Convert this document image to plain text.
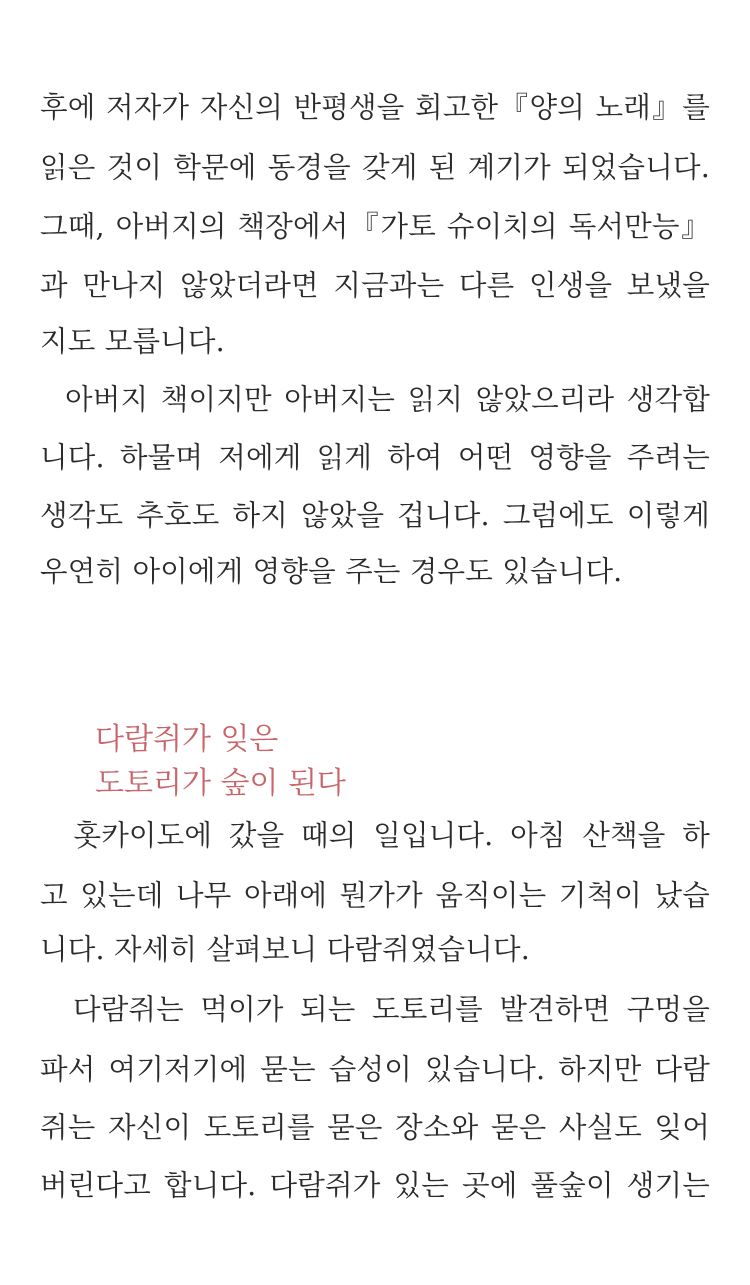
후에 저자가 자신의 반평생을 회고한『양의 노래』를
읽은 것이 학문에 동경을 갖게 된 계기가 되었습니다.
그때, 아버지의 책장에서『가토 슈이치의 독서만능』
과 만나지 않았더라면 지금과는 다른 인생을 보냈을
지도 모릅니다.
아버지 책이지만 아버지는 읽지 않았으리라 생각합
니다. 하물며 저에게 읽게 하여 어떤 영향을 주려는
생각도 추호도 하지 않았을 겁니다. 그럼에도 이렇게
우연히 아이에게 영향을 주는 경우도 있습니다.
다람쥐가 잊은
도토리가 숲이 된다
홋카이도에 갔을 때의 일입니다. 아침 산책을 하
고 있는데 나무 아래에 뭔가가 움직이는 기척이 났습
니다. 자세히 살펴보니 다람쥐였습니다.
다람쥐는 먹이가 되는 도토리를 발견하면 구멍을
파서 여기저기에 묻는 습성이 있습니다. 하지만 다람
쥐는 자신이 도토리를 묻은 장소와 묻은 사실도 잊어
버린다고 합니다. 다람쥐가 있는 곳에 풀숲이 생기는
